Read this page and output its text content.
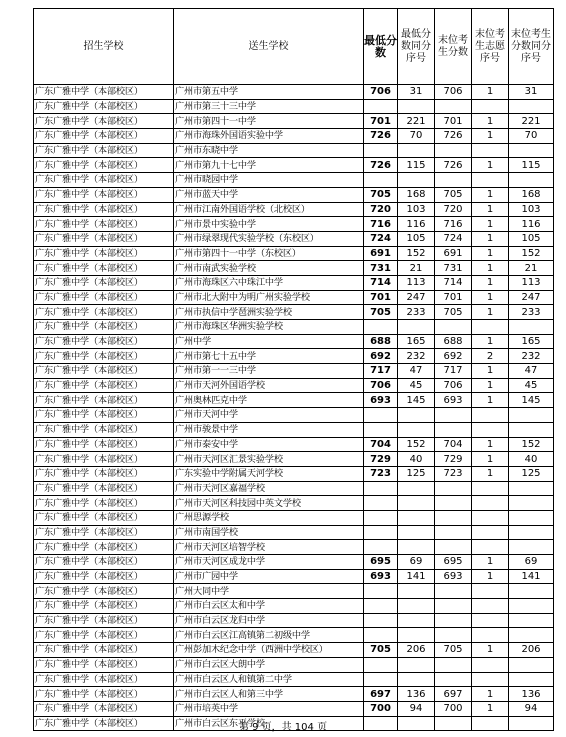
招生学校	送生学校	最低分数	最低分数同分序号	末位考生分数	末位考生志愿序号	末位考生分数同分序号
广东广雅中学（本部校区）	广州市第五中学	706	31	706	1	31
广东广雅中学（本部校区）	广州市第三十三中学					
广东广雅中学（本部校区）	广州市第四十一中学	701	221	701	1	221
广东广雅中学（本部校区）	广州市海珠外国语实验中学	726	70	726	1	70
广东广雅中学（本部校区）	广州市东晓中学					
广东广雅中学（本部校区）	广州市第九十七中学	726	115	726	1	115
广东广雅中学（本部校区）	广州市晓园中学					
广东广雅中学（本部校区）	广州市蓝天中学	705	168	705	1	168
广东广雅中学（本部校区）	广州市江南外国语学校（北校区）	720	103	720	1	103
广东广雅中学（本部校区）	广州市景中实验中学	716	116	716	1	116
广东广雅中学（本部校区）	广州市绿翠现代实验学校（东校区）	724	105	724	1	105
广东广雅中学（本部校区）	广州市第四十一中学（东校区）	691	152	691	1	152
广东广雅中学（本部校区）	广州市南武实验学校	731	21	731	1	21
广东广雅中学（本部校区）	广州市海珠区六中珠江中学	714	113	714	1	113
广东广雅中学（本部校区）	广州市北大附中为明广州实验学校	701	247	701	1	247
广东广雅中学（本部校区）	广州市执信中学琶洲实验学校	705	233	705	1	233
广东广雅中学（本部校区）	广州市海珠区华洲实验学校					
广东广雅中学（本部校区）	广州中学	688	165	688	1	165
广东广雅中学（本部校区）	广州市第七十五中学	692	232	692	2	232
广东广雅中学（本部校区）	广州市第一一三中学	717	47	717	1	47
广东广雅中学（本部校区）	广州市天河外国语学校	706	45	706	1	45
广东广雅中学（本部校区）	广州奥林匹克中学	693	145	693	1	145
广东广雅中学（本部校区）	广州市天河中学					
广东广雅中学（本部校区）	广州市骏景中学					
广东广雅中学（本部校区）	广州市泰安中学	704	152	704	1	152
广东广雅中学（本部校区）	广州市天河区汇景实验学校	729	40	729	1	40
广东广雅中学（本部校区）	广东实验中学附属天河学校	723	125	723	1	125
广东广雅中学（本部校区）	广州市天河区嘉福学校					
广东广雅中学（本部校区）	广州市天河区科技园中英文学校					
广东广雅中学（本部校区）	广州思源学校					
广东广雅中学（本部校区）	广州市南国学校					
广东广雅中学（本部校区）	广州市天河区培智学校					
广东广雅中学（本部校区）	广州市天河区成龙中学	695	69	695	1	69
广东广雅中学（本部校区）	广州市广园中学	693	141	693	1	141
广东广雅中学（本部校区）	广州大同中学					
广东广雅中学（本部校区）	广州市白云区太和中学					
广东广雅中学（本部校区）	广州市白云区龙归中学					
广东广雅中学（本部校区）	广州市白云区江高镇第二初级中学					
广东广雅中学（本部校区）	广州彭加木纪念中学（西洲中学校区）	705	206	705	1	206
广东广雅中学（本部校区）	广州市白云区大朗中学					
广东广雅中学（本部校区）	广州市白云区人和镇第二中学					
广东广雅中学（本部校区）	广州市白云区人和第三中学	697	136	697	1	136
广东广雅中学（本部校区）	广州市培英中学	700	94	700	1	94
广东广雅中学（本部校区）	广州市白云区东平学校					
第 9 页，共 104 页
